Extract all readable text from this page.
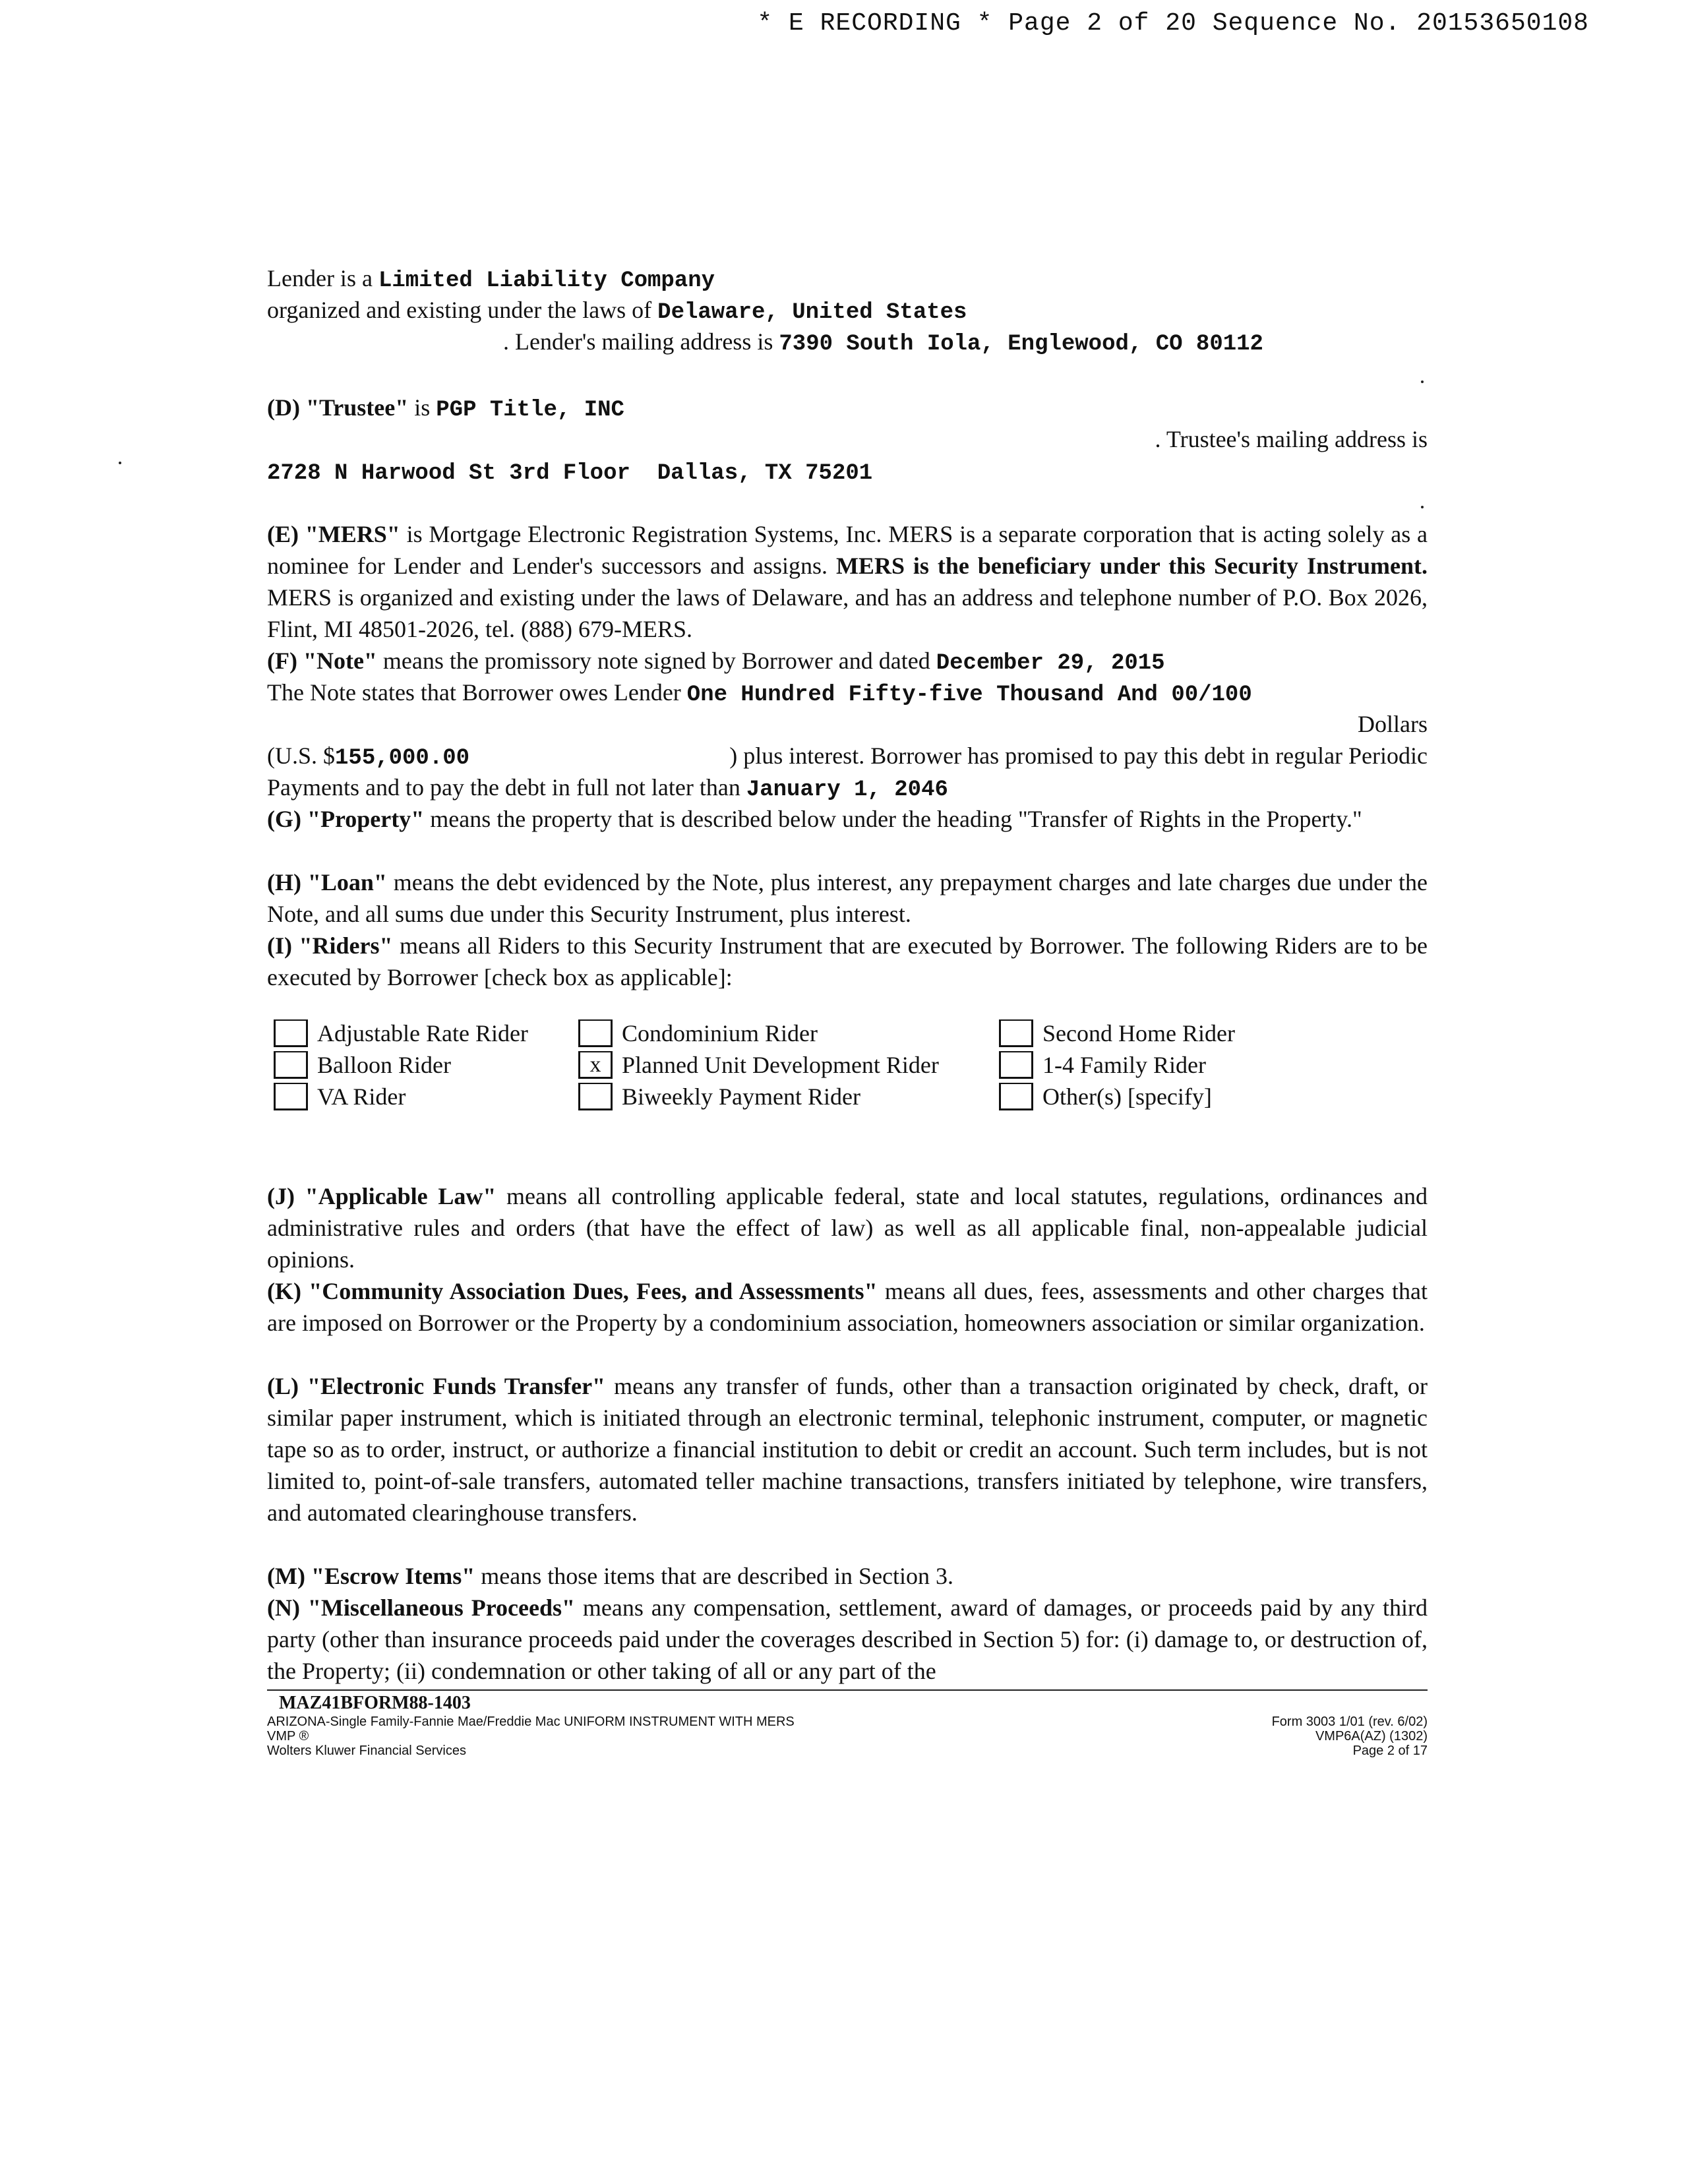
* E RECORDING * Page 2 of 20 Sequence No. 20153650108
Lender is a Limited Liability Company
organized and existing under the laws of Delaware, United States
. Lender's mailing address is 7390 South Iola, Englewood, CO 80112
(D) "Trustee" is PGP Title, INC
. Trustee's mailing address is
2728 N Harwood St 3rd Floor  Dallas, TX 75201

(E) "MERS" is Mortgage Electronic Registration Systems, Inc. MERS is a separate corporation that is acting solely as a nominee for Lender and Lender's successors and assigns. MERS is the beneficiary under this Security Instrument. MERS is organized and existing under the laws of Delaware, and has an address and telephone number of P.O. Box 2026, Flint, MI 48501-2026, tel. (888) 679-MERS.

(F) "Note" means the promissory note signed by Borrower and dated December 29, 2015
The Note states that Borrower owes Lender One Hundred Fifty-five Thousand And 00/100
Dollars
(U.S. $155,000.00	) plus interest. Borrower has promised to pay this debt in regular Periodic
Payments and to pay the debt in full not later than January 1, 2046

(G) "Property" means the property that is described below under the heading "Transfer of Rights in the Property."

(H) "Loan" means the debt evidenced by the Note, plus interest, any prepayment charges and late charges due under the Note, and all sums due under this Security Instrument, plus interest.

(I) "Riders" means all Riders to this Security Instrument that are executed by Borrower. The following Riders are to be executed by Borrower [check box as applicable]:

Adjustable Rate Rider	Condominium Rider	Second Home Rider
Balloon Rider	x Planned Unit Development Rider	1-4 Family Rider
VA Rider	Biweekly Payment Rider	Other(s) [specify]

(J) "Applicable Law" means all controlling applicable federal, state and local statutes, regulations, ordinances and administrative rules and orders (that have the effect of law) as well as all applicable final, non-appealable judicial opinions.

(K) "Community Association Dues, Fees, and Assessments" means all dues, fees, assessments and other charges that are imposed on Borrower or the Property by a condominium association, homeowners association or similar organization.

(L) "Electronic Funds Transfer" means any transfer of funds, other than a transaction originated by check, draft, or similar paper instrument, which is initiated through an electronic terminal, telephonic instrument, computer, or magnetic tape so as to order, instruct, or authorize a financial institution to debit or credit an account. Such term includes, but is not limited to, point-of-sale transfers, automated teller machine transactions, transfers initiated by telephone, wire transfers, and automated clearinghouse transfers.

(M) "Escrow Items" means those items that are described in Section 3.

(N) "Miscellaneous Proceeds" means any compensation, settlement, award of damages, or proceeds paid by any third party (other than insurance proceeds paid under the coverages described in Section 5) for: (i) damage to, or destruction of, the Property; (ii) condemnation or other taking of all or any part of the

MAZ41BFORM88-1403
ARIZONA-Single Family-Fannie Mae/Freddie Mac UNIFORM INSTRUMENT WITH MERS
VMP ®
Wolters Kluwer Financial Services
Form 3003 1/01 (rev. 6/02)
VMP6A(AZ) (1302)
Page 2 of 17
